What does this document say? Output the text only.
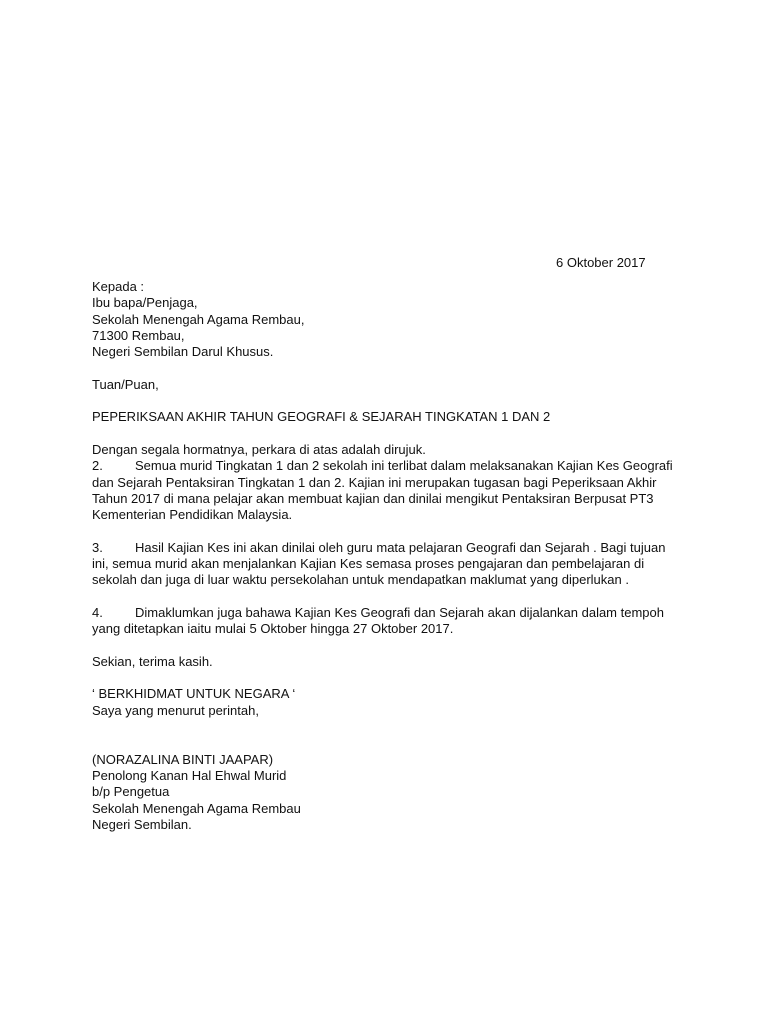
6 Oktober 2017
Kepada :
Ibu bapa/Penjaga,
Sekolah Menengah Agama Rembau,
71300 Rembau,
Negeri Sembilan Darul Khusus.
Tuan/Puan,
PEPERIKSAAN AKHIR TAHUN GEOGRAFI & SEJARAH TINGKATAN 1 DAN 2
Dengan segala hormatnya, perkara di atas adalah dirujuk.
2. Semua murid Tingkatan 1 dan 2 sekolah ini terlibat dalam melaksanakan Kajian Kes Geografi
dan Sejarah Pentaksiran Tingkatan 1 dan 2. Kajian ini merupakan tugasan bagi Peperiksaan Akhir
Tahun 2017 di mana pelajar akan membuat kajian dan dinilai mengikut Pentaksiran Berpusat PT3
Kementerian Pendidikan Malaysia.
3. Hasil Kajian Kes ini akan dinilai oleh guru mata pelajaran Geografi dan Sejarah . Bagi tujuan
ini, semua murid akan menjalankan Kajian Kes semasa proses pengajaran dan pembelajaran di
sekolah dan juga di luar waktu persekolahan untuk mendapatkan maklumat yang diperlukan .
4. Dimaklumkan juga bahawa Kajian Kes Geografi dan Sejarah akan dijalankan dalam tempoh
yang ditetapkan iaitu mulai 5 Oktober hingga 27 Oktober 2017.
Sekian, terima kasih.
‘ BERKHIDMAT UNTUK NEGARA ‘
Saya yang menurut perintah,
(NORAZALINA BINTI JAAPAR)
Penolong Kanan Hal Ehwal Murid
b/p Pengetua
Sekolah Menengah Agama Rembau
Negeri Sembilan.
